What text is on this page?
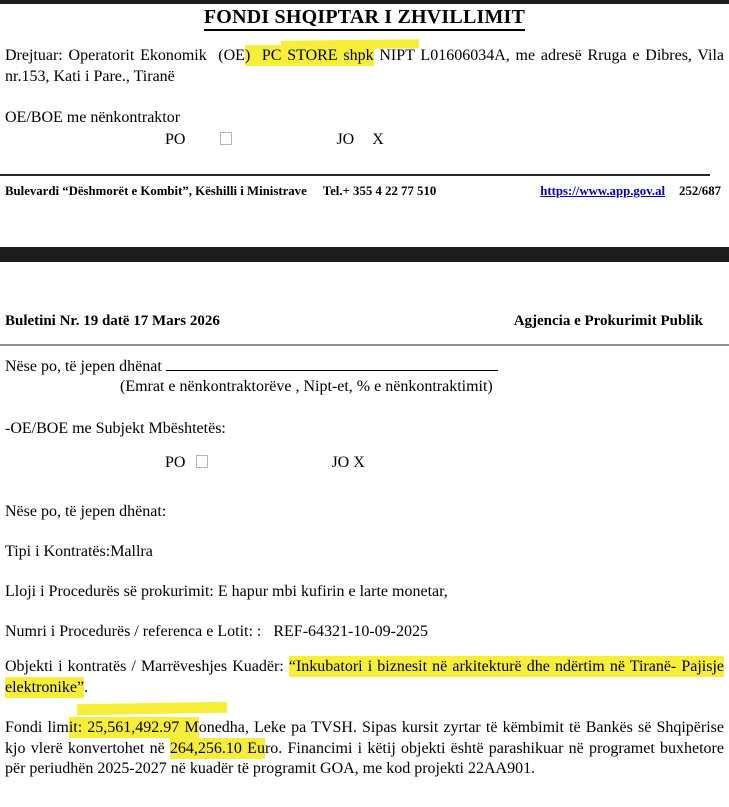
FONDI SHQIPTAR I ZHVILLIMIT

Drejtuar: Operatorit Ekonomik  (OE)  PC STORE shpk NIPT L01606034A, me adresë Rruga e Dibres, Vila nr.153, Kati i Pare., Tiranë

OE/BOE me nënkontraktor
PO	JO X
Bulevardi “Dëshmorët e Kombit”, Këshilli i Ministrave Tel.+ 355 4 22 77 510	https://www.app.gov.al 252/687
Buletini Nr. 19 datë 17 Mars 2026	Agjencia e Prokurimit Publik
Nëse po, të jepen dhënat
(Emrat e nënkontraktorëve , Nipt-et, % e nënkontraktimit)
-OE/BOE me Subjekt Mbështetës:
PO	JO X
Nëse po, të jepen dhënat:
Tipi i Kontratës:Mallra
Lloji i Procedurës së prokurimit: E hapur mbi kufirin e larte monetar,
Numri i Procedurës / referenca e Lotit: :   REF-64321-10-09-2025

Objekti i kontratës / Marrëveshjes Kuadër: “Inkubatori i biznesit në arkitekturë dhe ndërtim në Tiranë- Pajisje elektronike”.

Fondi limit: 25,561,492.97 Monedha, Leke pa TVSH. Sipas kursit zyrtar të këmbimit të Bankës së Shqipërise kjo vlerë konvertohet në 264,256.10 Euro. Financimi i këtij objekti është parashikuar në programet buxhetore për periudhën 2025-2027 në kuadër të programit GOA, me kod projekti 22AA901.
